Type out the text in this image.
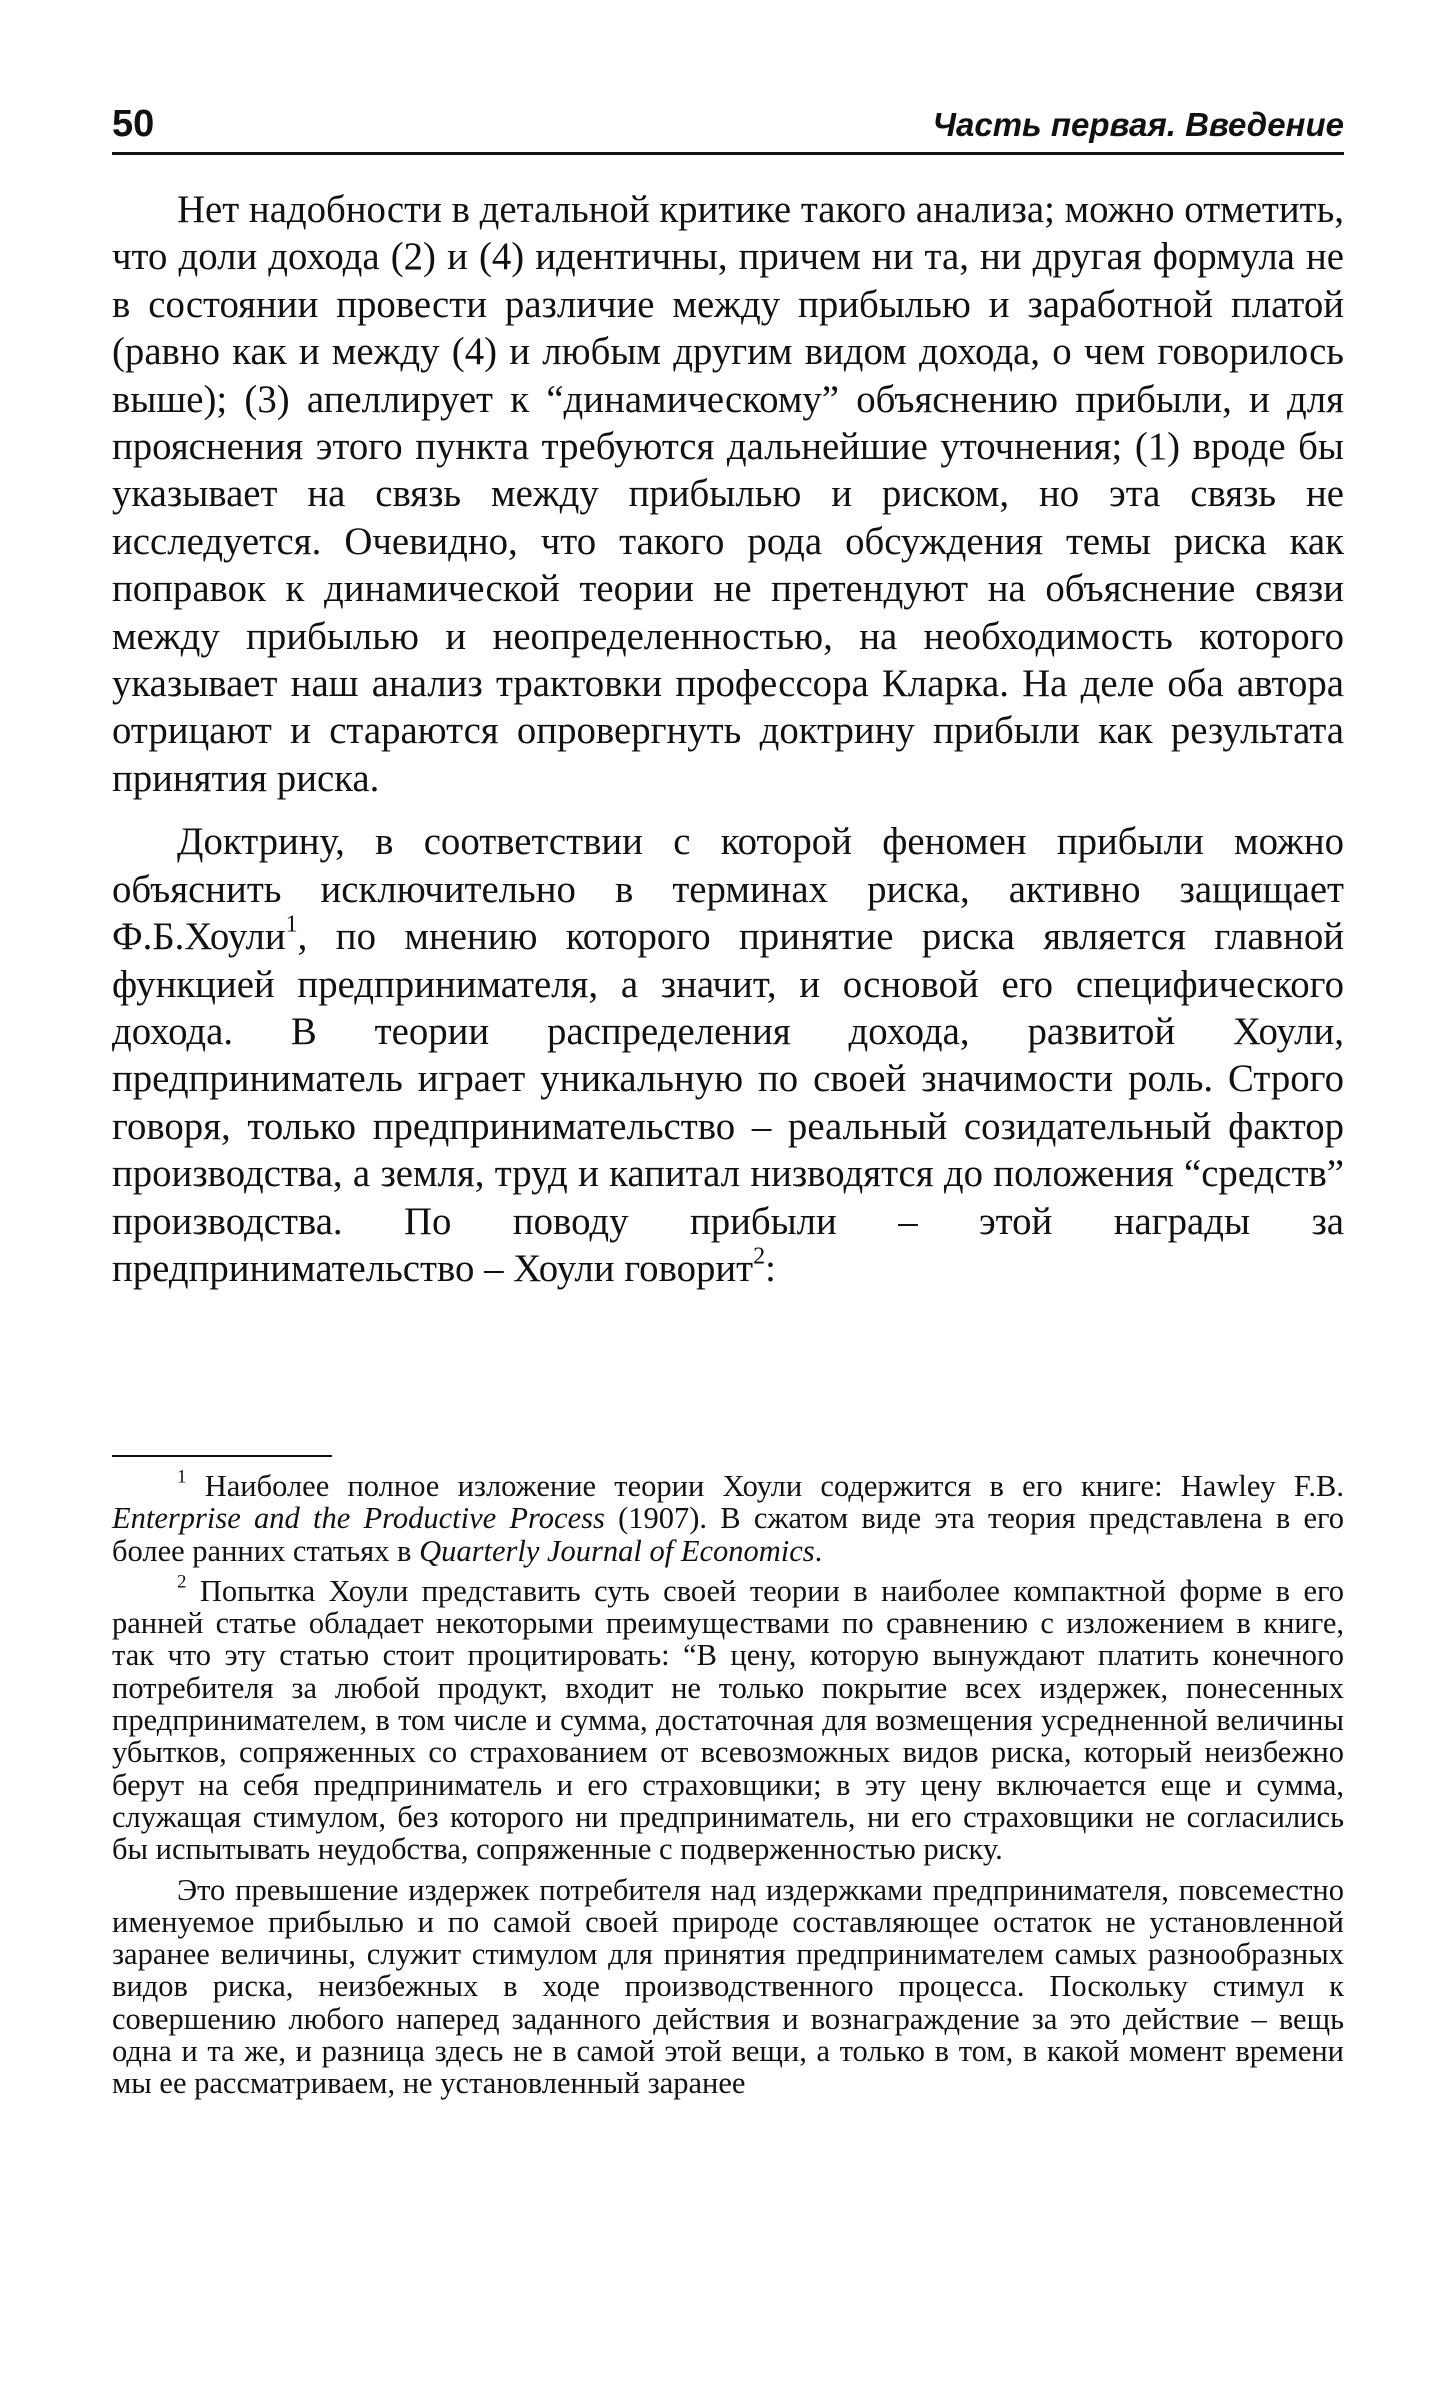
50	Часть первая. Введение

Нет надобности в детальной критике такого анализа; можно отметить, что доли дохода (2) и (4) идентичны, причем ни та, ни другая формула не в состоянии провести различие между прибылью и заработной платой (равно как и между (4) и любым другим видом дохода, о чем говорилось выше); (3) апеллирует к “динамическому” объяснению прибыли, и для прояснения этого пункта требуются дальнейшие уточнения; (1) вроде бы указывает на связь между прибылью и риском, но эта связь не исследуется. Очевидно, что такого рода обсуждения темы риска как поправок к динамической теории не претендуют на объяснение связи между прибылью и неопределенностью, на необходимость которого указывает наш анализ трактовки профессора Кларка. На деле оба автора отрицают и стараются опровергнуть доктрину прибыли как результата принятия риска.

Доктрину, в соответствии с которой феномен прибыли можно объяснить исключительно в терминах риска, активно защищает Ф.Б.Хоули$^1$, по мнению которого принятие риска является главной функцией предпринимателя, а значит, и основой его специфического дохода. В теории распределения дохода, развитой Хоули, предприниматель играет уникальную по своей значимости роль. Строго говоря, только предпринимательство – реальный созидательный фактор производства, а земля, труд и капитал низводятся до положения “средств” производства. По поводу прибыли – этой награды за предпринимательство – Хоули говорит$^2$:

$^1$ Наиболее полное изложение теории Хоули содержится в его книге: Hawley F.B. Enterprise and the Productive Process (1907). В сжатом виде эта теория представлена в его более ранних статьях в Quarterly Journal of Economics.

$^2$ Попытка Хоули представить суть своей теории в наиболее компактной форме в его ранней статье обладает некоторыми преимуществами по сравнению с изложением в книге, так что эту статью стоит процитировать: “В цену, которую вынуждают платить конечного потребителя за любой продукт, входит не только покрытие всех издержек, понесенных предпринимателем, в том числе и сумма, достаточная для возмещения усредненной величины убытков, сопряженных со страхованием от всевозможных видов риска, который неизбежно берут на себя предприниматель и его страховщики; в эту цену включается еще и сумма, служащая стимулом, без которого ни предприниматель, ни его страховщики не согласились бы испытывать неудобства, сопряженные с подверженностью риску.

Это превышение издержек потребителя над издержками предпринимателя, повсеместно именуемое прибылью и по самой своей природе составляющее остаток не установленной заранее величины, служит стимулом для принятия предпринимателем самых разнообразных видов риска, неизбежных в ходе производственного процесса. Поскольку стимул к совершению любого наперед заданного действия и вознаграждение за это действие – вещь одна и та же, и разница здесь не в самой этой вещи, а только в том, в какой момент времени мы ее рассматриваем, не установленный заранее
